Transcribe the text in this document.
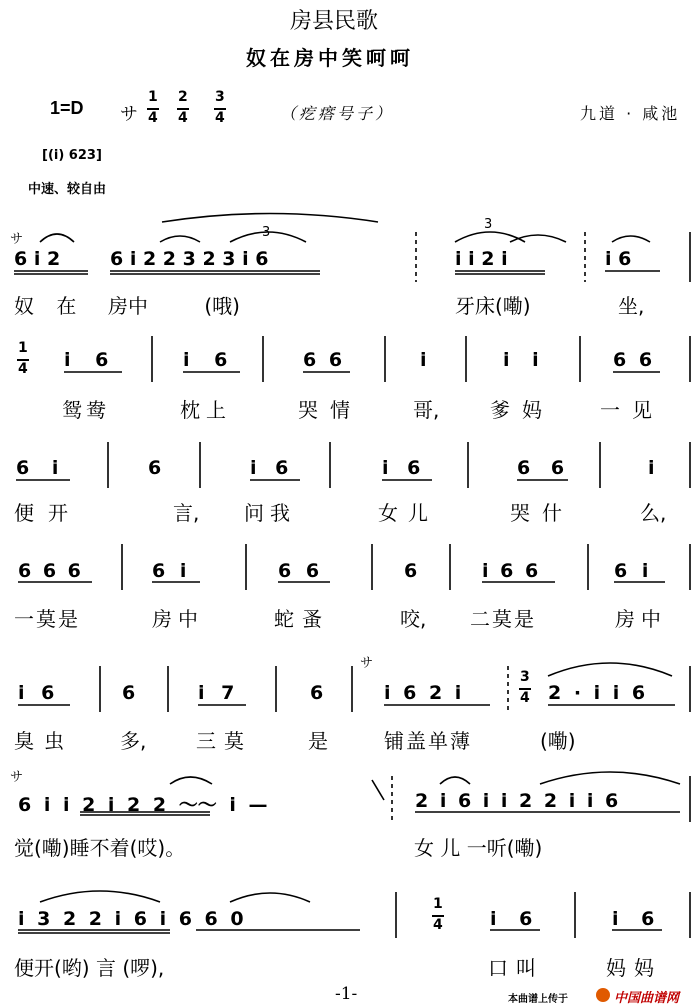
房县民歌
奴在房中笑呵呵
1=D サ
1
4
2
4
3
4	（疙瘩号子）	九道 · 咸池
[(i) 623]
中速、较自由
サ
6 i 2	6 i 2 2 3 2 3 i 6	i i 2 i	i 6
奴 在 房中 (哦)	牙床(嘞)	坐,
1
4 i 6	i 6	6 6	i	i i	6 6
鸳鸯	枕上	哭情	哥,	爹妈 一见
6 i	6	i 6	i 6	6 6	i
便开	言, 问我	女儿	哭什	么,
6 6 6	6 i	6 6	6	i 6 6	6 i
一莫是	房中	蛇蚤	咬, 二莫是	房中
i 6	6	i 7	6
サ
i 6 2 i
3
4 2 · i i 6
臭虫 多, 三莫	是	铺盖单薄	(嘞)
サ
6 i i 2 i 2 2 ～～ i —	2 i 6 i i 2 2 i i 6
觉(嘞)睡不着(哎)。	女 儿 一听(嘞)
i 3 2 2 i 6 i 6 6 0
1
4 i 6	i 6
便开(哟) 言 (啰),	口叫	妈妈
-1-	本曲谱上传于	中国曲谱网
3
3
